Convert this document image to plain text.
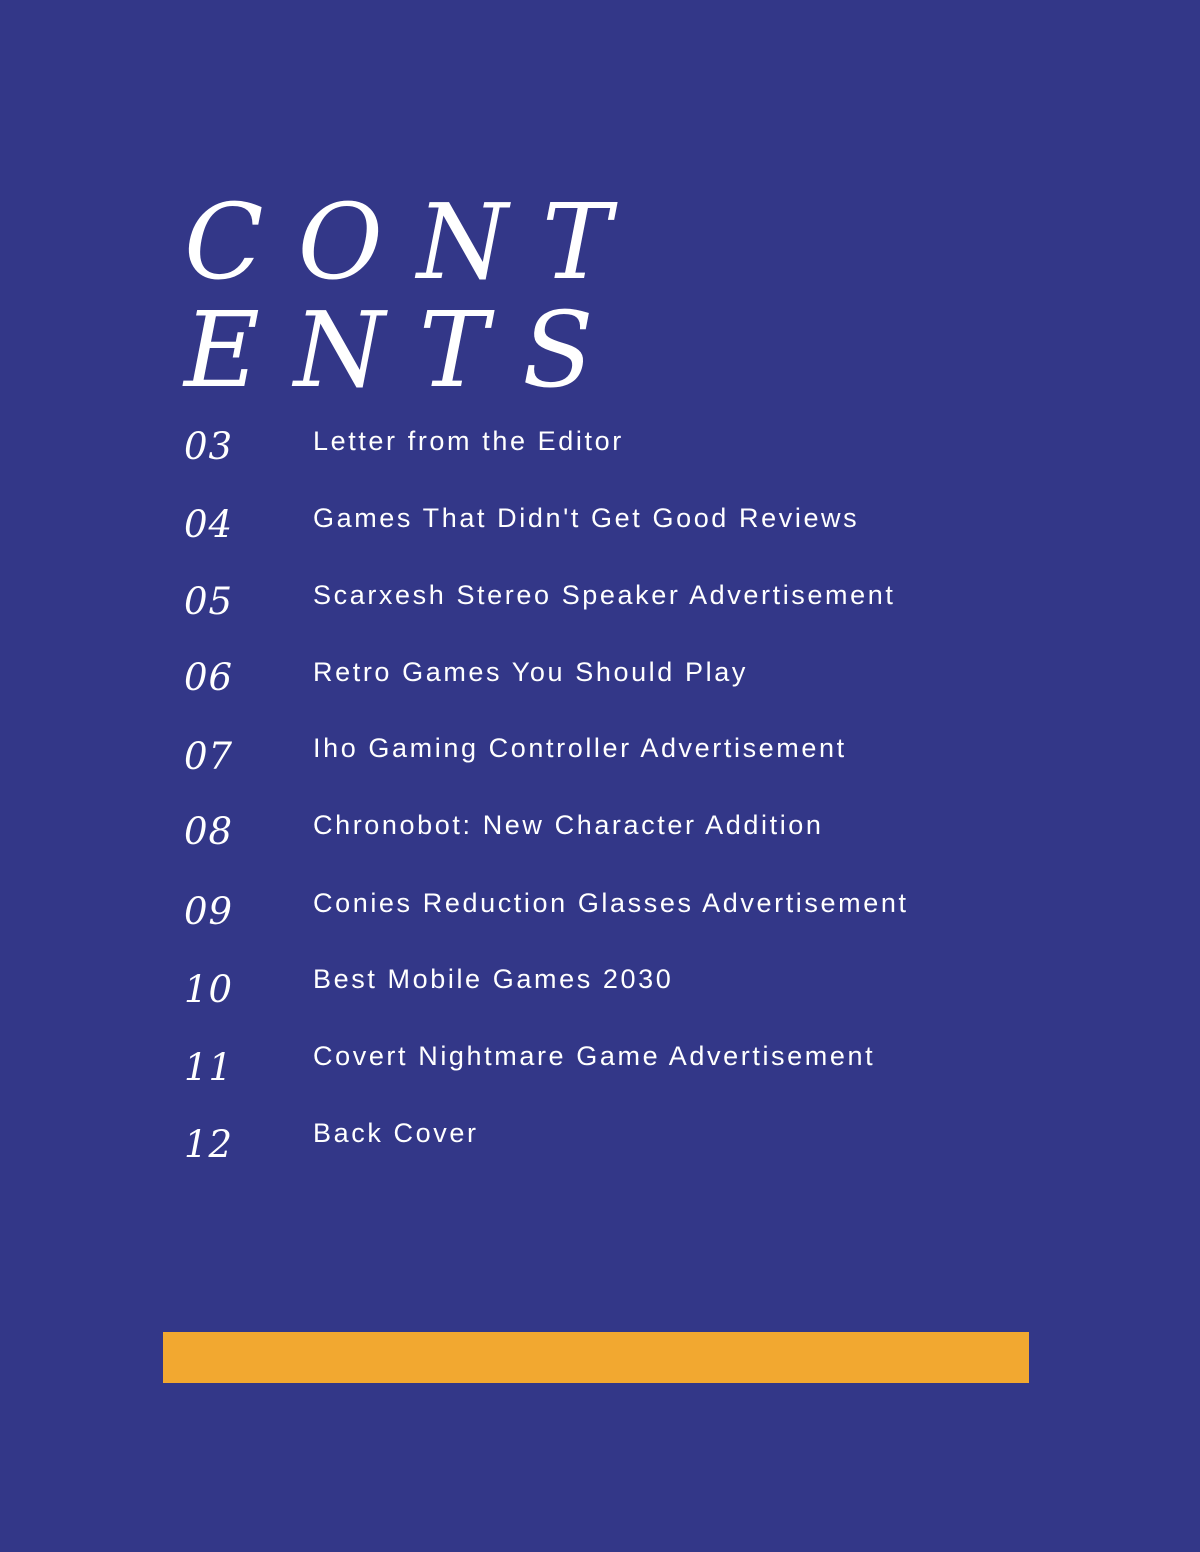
CONTENTS
03	Letter from the Editor
04	Games That Didn't Get Good Reviews
05	Scarxesh Stereo Speaker Advertisement
06	Retro Games You Should Play
07	Iho Gaming Controller Advertisement
08	Chronobot: New Character Addition
09	Conies Reduction Glasses Advertisement
10	Best Mobile Games 2030
11	Covert Nightmare Game Advertisement
12	Back Cover
